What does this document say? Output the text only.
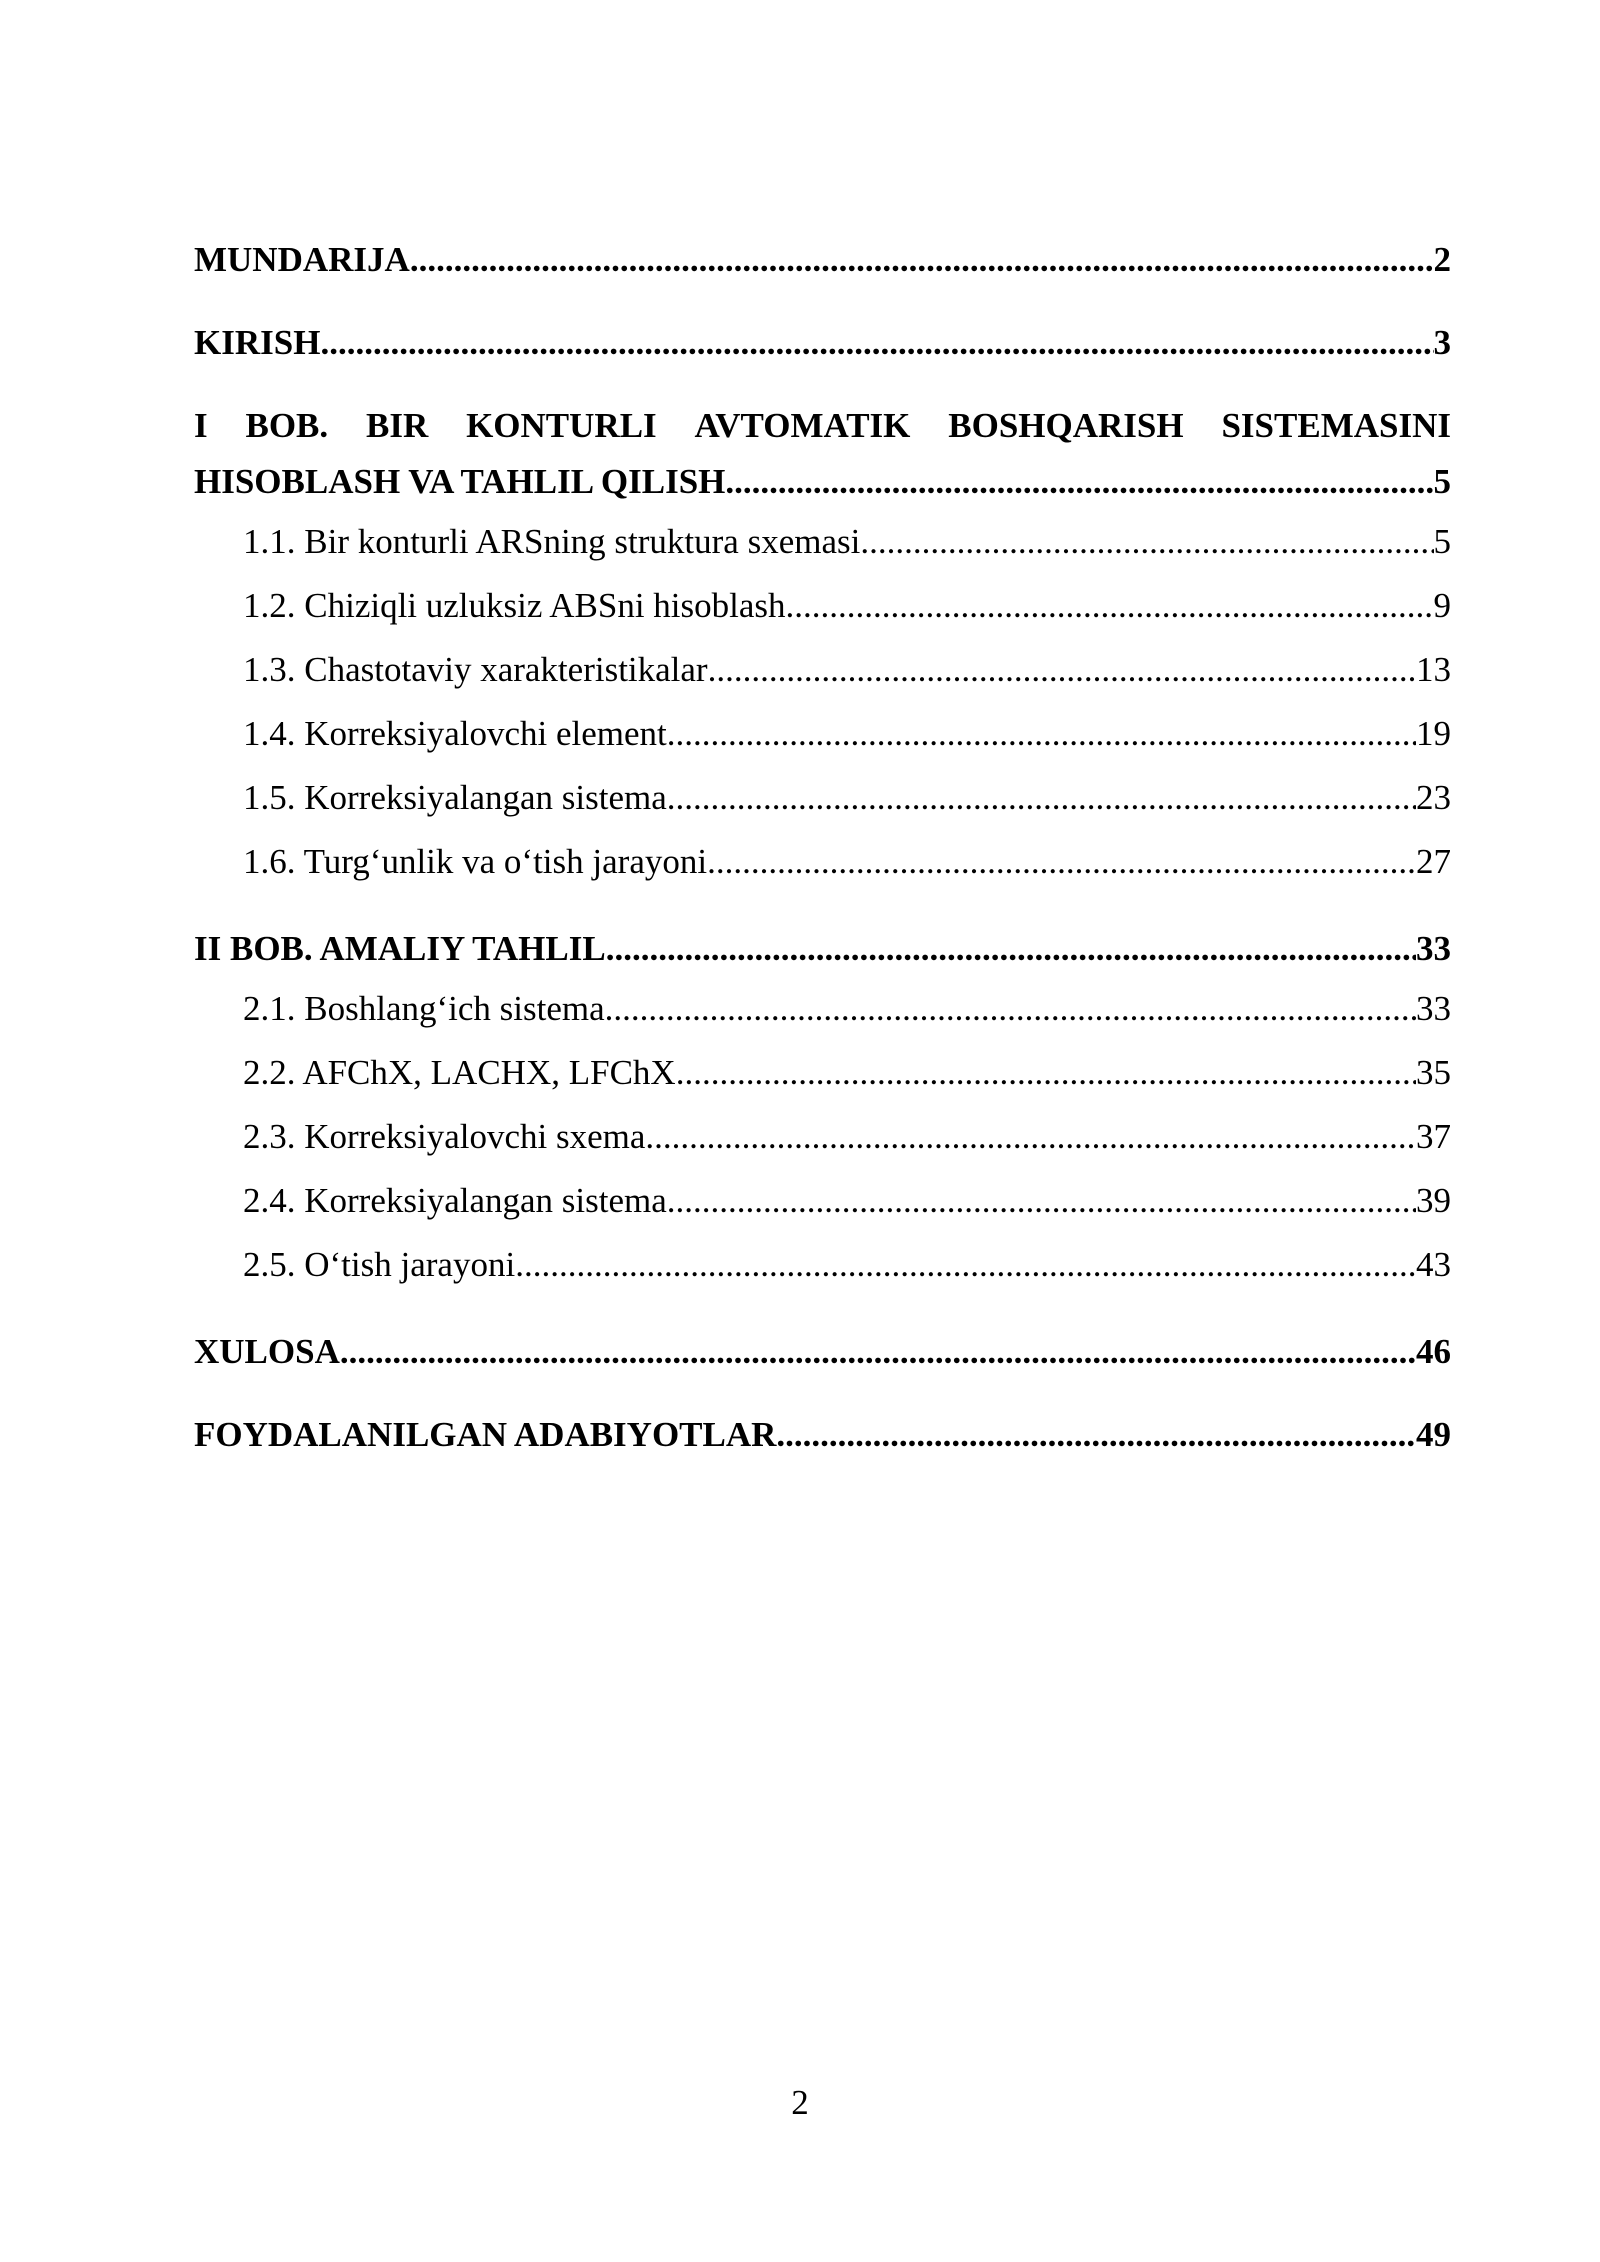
MUNDARIJA .....	2
KIRISH .....	3
I BOB. BIR KONTURLI AVTOMATIK BOSHQARISH SISTEMASINI
HISOBLASH VA TAHLIL QILISH .....	5
1.1. Bir konturli ARSning struktura sxemasi .....	5
1.2. Chiziqli uzluksiz ABSni hisoblash .....	9
1.3. Chastotaviy xarakteristikalar .....	13
1.4. Korreksiyalovchi element .....	19
1.5. Korreksiyalangan sistema .....	23
1.6. Turg‘unlik va o‘tish jarayoni .....	27
II BOB. AMALIY TAHLIL .....	33
2.1. Boshlang‘ich sistema .....	33
2.2. AFChX, LACHX, LFChX .....	35
2.3. Korreksiyalovchi sxema .....	37
2.4. Korreksiyalangan sistema .....	39
2.5. O‘tish jarayoni .....	43
XULOSA .....	46
FOYDALANILGAN ADABIYOTLAR .....	49
2
